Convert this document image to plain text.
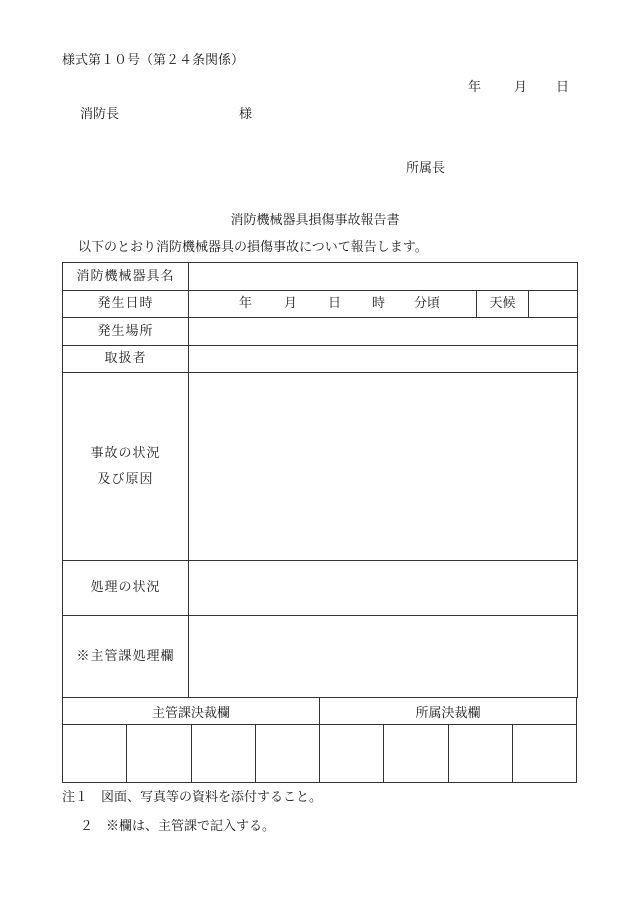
様式第１０号（第２４条関係）
年	月 日
消防長	様
所属長
消防機械器具損傷事故報告書
以下のとおり消防機械器具の損傷事故について報告します。
消防機械器具名			
発生日時	年 月 日 時 分頃	天候	
発生場所			
取扱者			

事故の状況
及び原因			

処理の状況			
※主管課処理欄			
主管課決裁欄				所属決裁欄			

注１　図面、写真等の資料を添付すること。
２　※欄は、主管課で記入する。
